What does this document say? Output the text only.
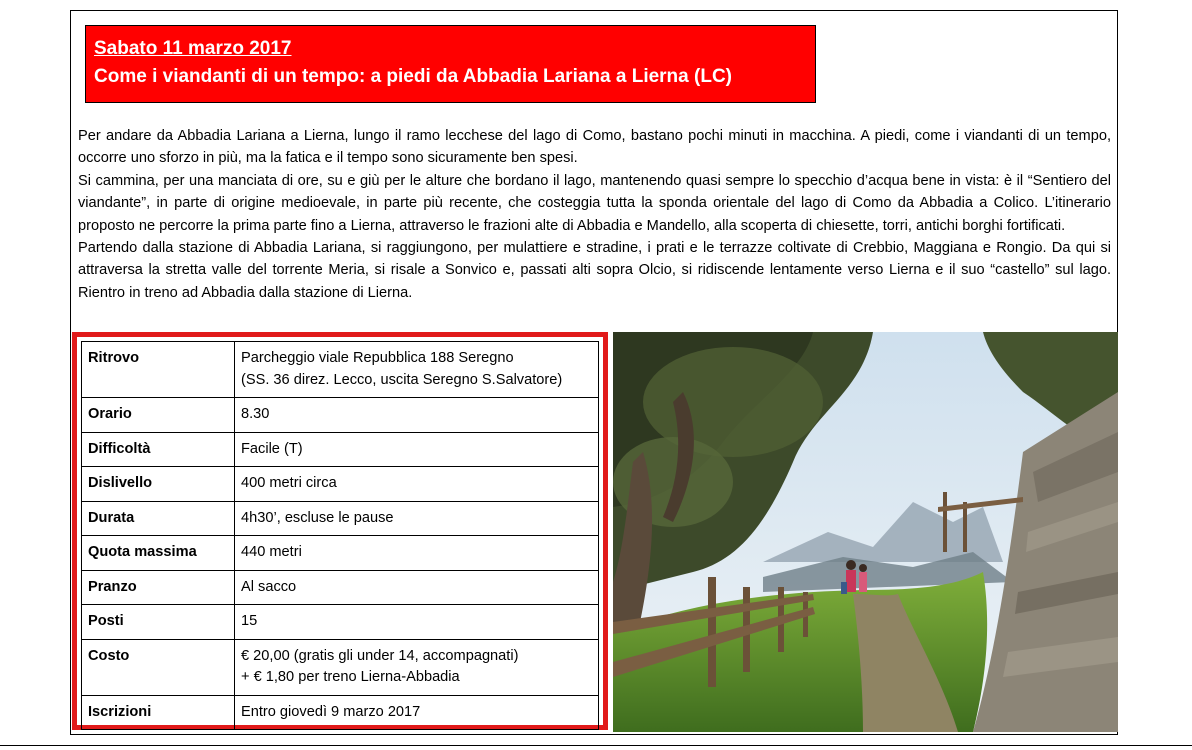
Sabato 11 marzo 2017
Come i viandanti di un tempo: a piedi da Abbadia Lariana a Lierna (LC)

Per andare da Abbadia Lariana a Lierna, lungo il ramo lecchese del lago di Como, bastano pochi minuti in macchina. A piedi, come i viandanti di un tempo, occorre uno sforzo in più, ma la fatica e il tempo sono sicuramente ben spesi.

Si cammina, per una manciata di ore, su e giù per le alture che bordano il lago, mantenendo quasi sempre lo specchio d’acqua bene in vista: è il “Sentiero del viandante”, in parte di origine medioevale, in parte più recente, che costeggia tutta la sponda orientale del lago di Como da Abbadia a Colico. L’itinerario proposto ne percorre la prima parte fino a Lierna, attraverso le frazioni alte di Abbadia e Mandello, alla scoperta di chiesette, torri, antichi borghi fortificati.

Partendo dalla stazione di Abbadia Lariana, si raggiungono, per mulattiere e stradine, i prati e le terrazze coltivate di Crebbio, Maggiana e Rongio. Da qui si attraversa la stretta valle del torrente Meria, si risale a Sonvico e, passati alti sopra Olcio, si ridiscende lentamente verso Lierna e il suo “castello” sul lago. Rientro in treno ad Abbadia dalla stazione di Lierna.

Ritrovo	Parcheggio viale Repubblica 188 Seregno
(SS. 36 direz. Lecco, uscita Seregno S.Salvatore)
Orario	8.30
Difficoltà	Facile (T)
Dislivello	400 metri circa
Durata	4h30’, escluse le pause
Quota massima	440 metri
Pranzo	Al sacco
Posti	15
Costo	€ 20,00 (gratis gli under 14, accompagnati)
+ € 1,80 per treno Lierna-Abbadia
Iscrizioni	Entro giovedì 9 marzo 2017
